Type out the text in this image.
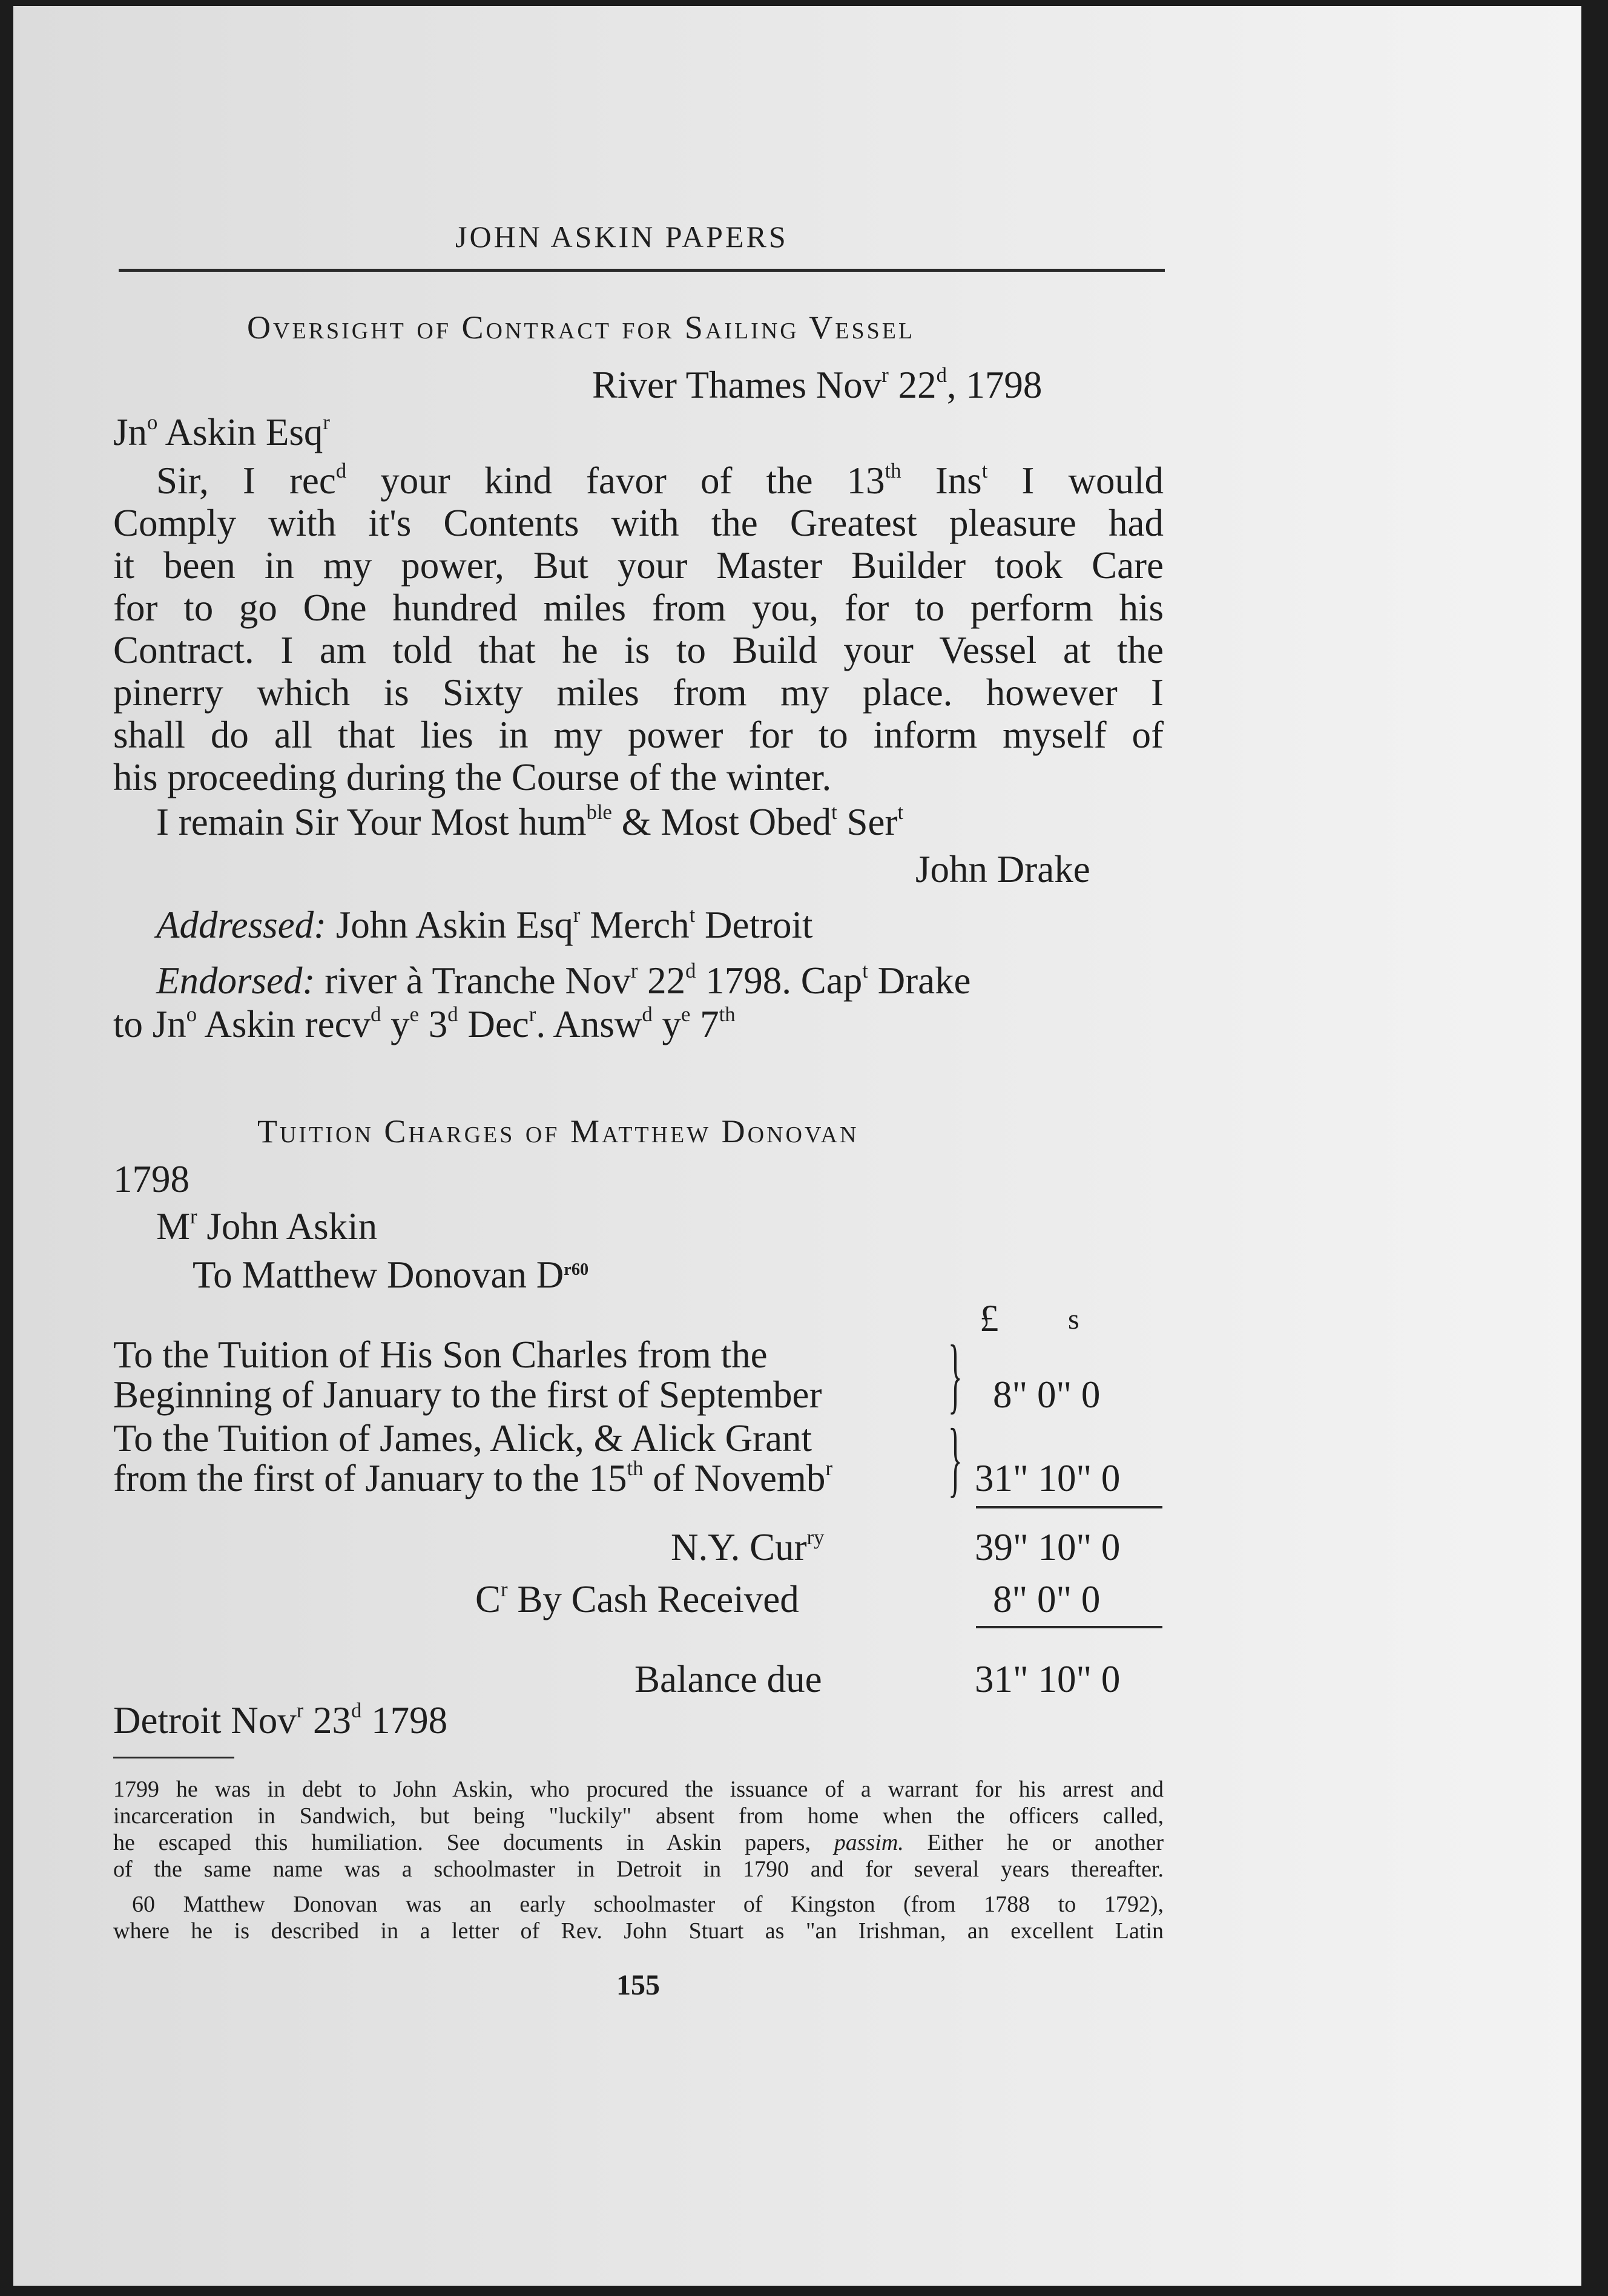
JOHN ASKIN PAPERS
Oversight of Contract for Sailing Vessel
River Thames Nov$^r$ 22$^d$, 1798
Jn$^o$ Askin Esq$^r$
Sir, I rec$^d$ your kind favor of the 13th Ins$^t$ I would
Comply with it's Contents with the Greatest pleasure had
it been in my power, But your Master Builder took Care
for to go One hundred miles from you, for to perform his
Contract. I am told that he is to Build your Vessel at the
pinerry which is Sixty miles from my place. however I
shall do all that lies in my power for to inform myself of
his proceeding during the Course of the winter.
I remain Sir Your Most hum$^{ble}$ & Most Obed$^t$ Ser$^t$
John Drake
Addressed: John Askin Esq$^r$ Merch$^t$ Detroit
Endorsed: river à Tranche Nov$^r$ 22$^d$ 1798. Cap$^t$ Drake
to Jn$^o$ Askin recv$^d$ $y^e$ 3$^d$ Dec$^r$. Answ$^d$ $y^e$ 7th
Tuition Charges of Matthew Donovan
1798
$M^r$ John Askin
To Matthew Donovan $D^{r60}$
£ s
To the Tuition of His Son Charles from the
Beginning of January to the first of September } 8" 0" 0
To the Tuition of James, Alick, & Alick Grant
from the first of January to the 15th of Novemb$^r$ } 31" 10" 0
N.Y. Cur$^{ry}$	39" 10" 0
$C^r$ By Cash Received	8" 0" 0
Balance due	31" 10" 0
Detroit Nov$^r$ 23$^d$ 1798
1799 he was in debt to John Askin, who procured the issuance of a warrant for his arrest and
incarceration in Sandwich, but being "luckily" absent from home when the officers called,
he escaped this humiliation. See documents in Askin papers, passim. Either he or another
of the same name was a schoolmaster in Detroit in 1790 and for several years thereafter.
60 Matthew Donovan was an early schoolmaster of Kingston (from 1788 to 1792),
where he is described in a letter of Rev. John Stuart as "an Irishman, an excellent Latin
155
